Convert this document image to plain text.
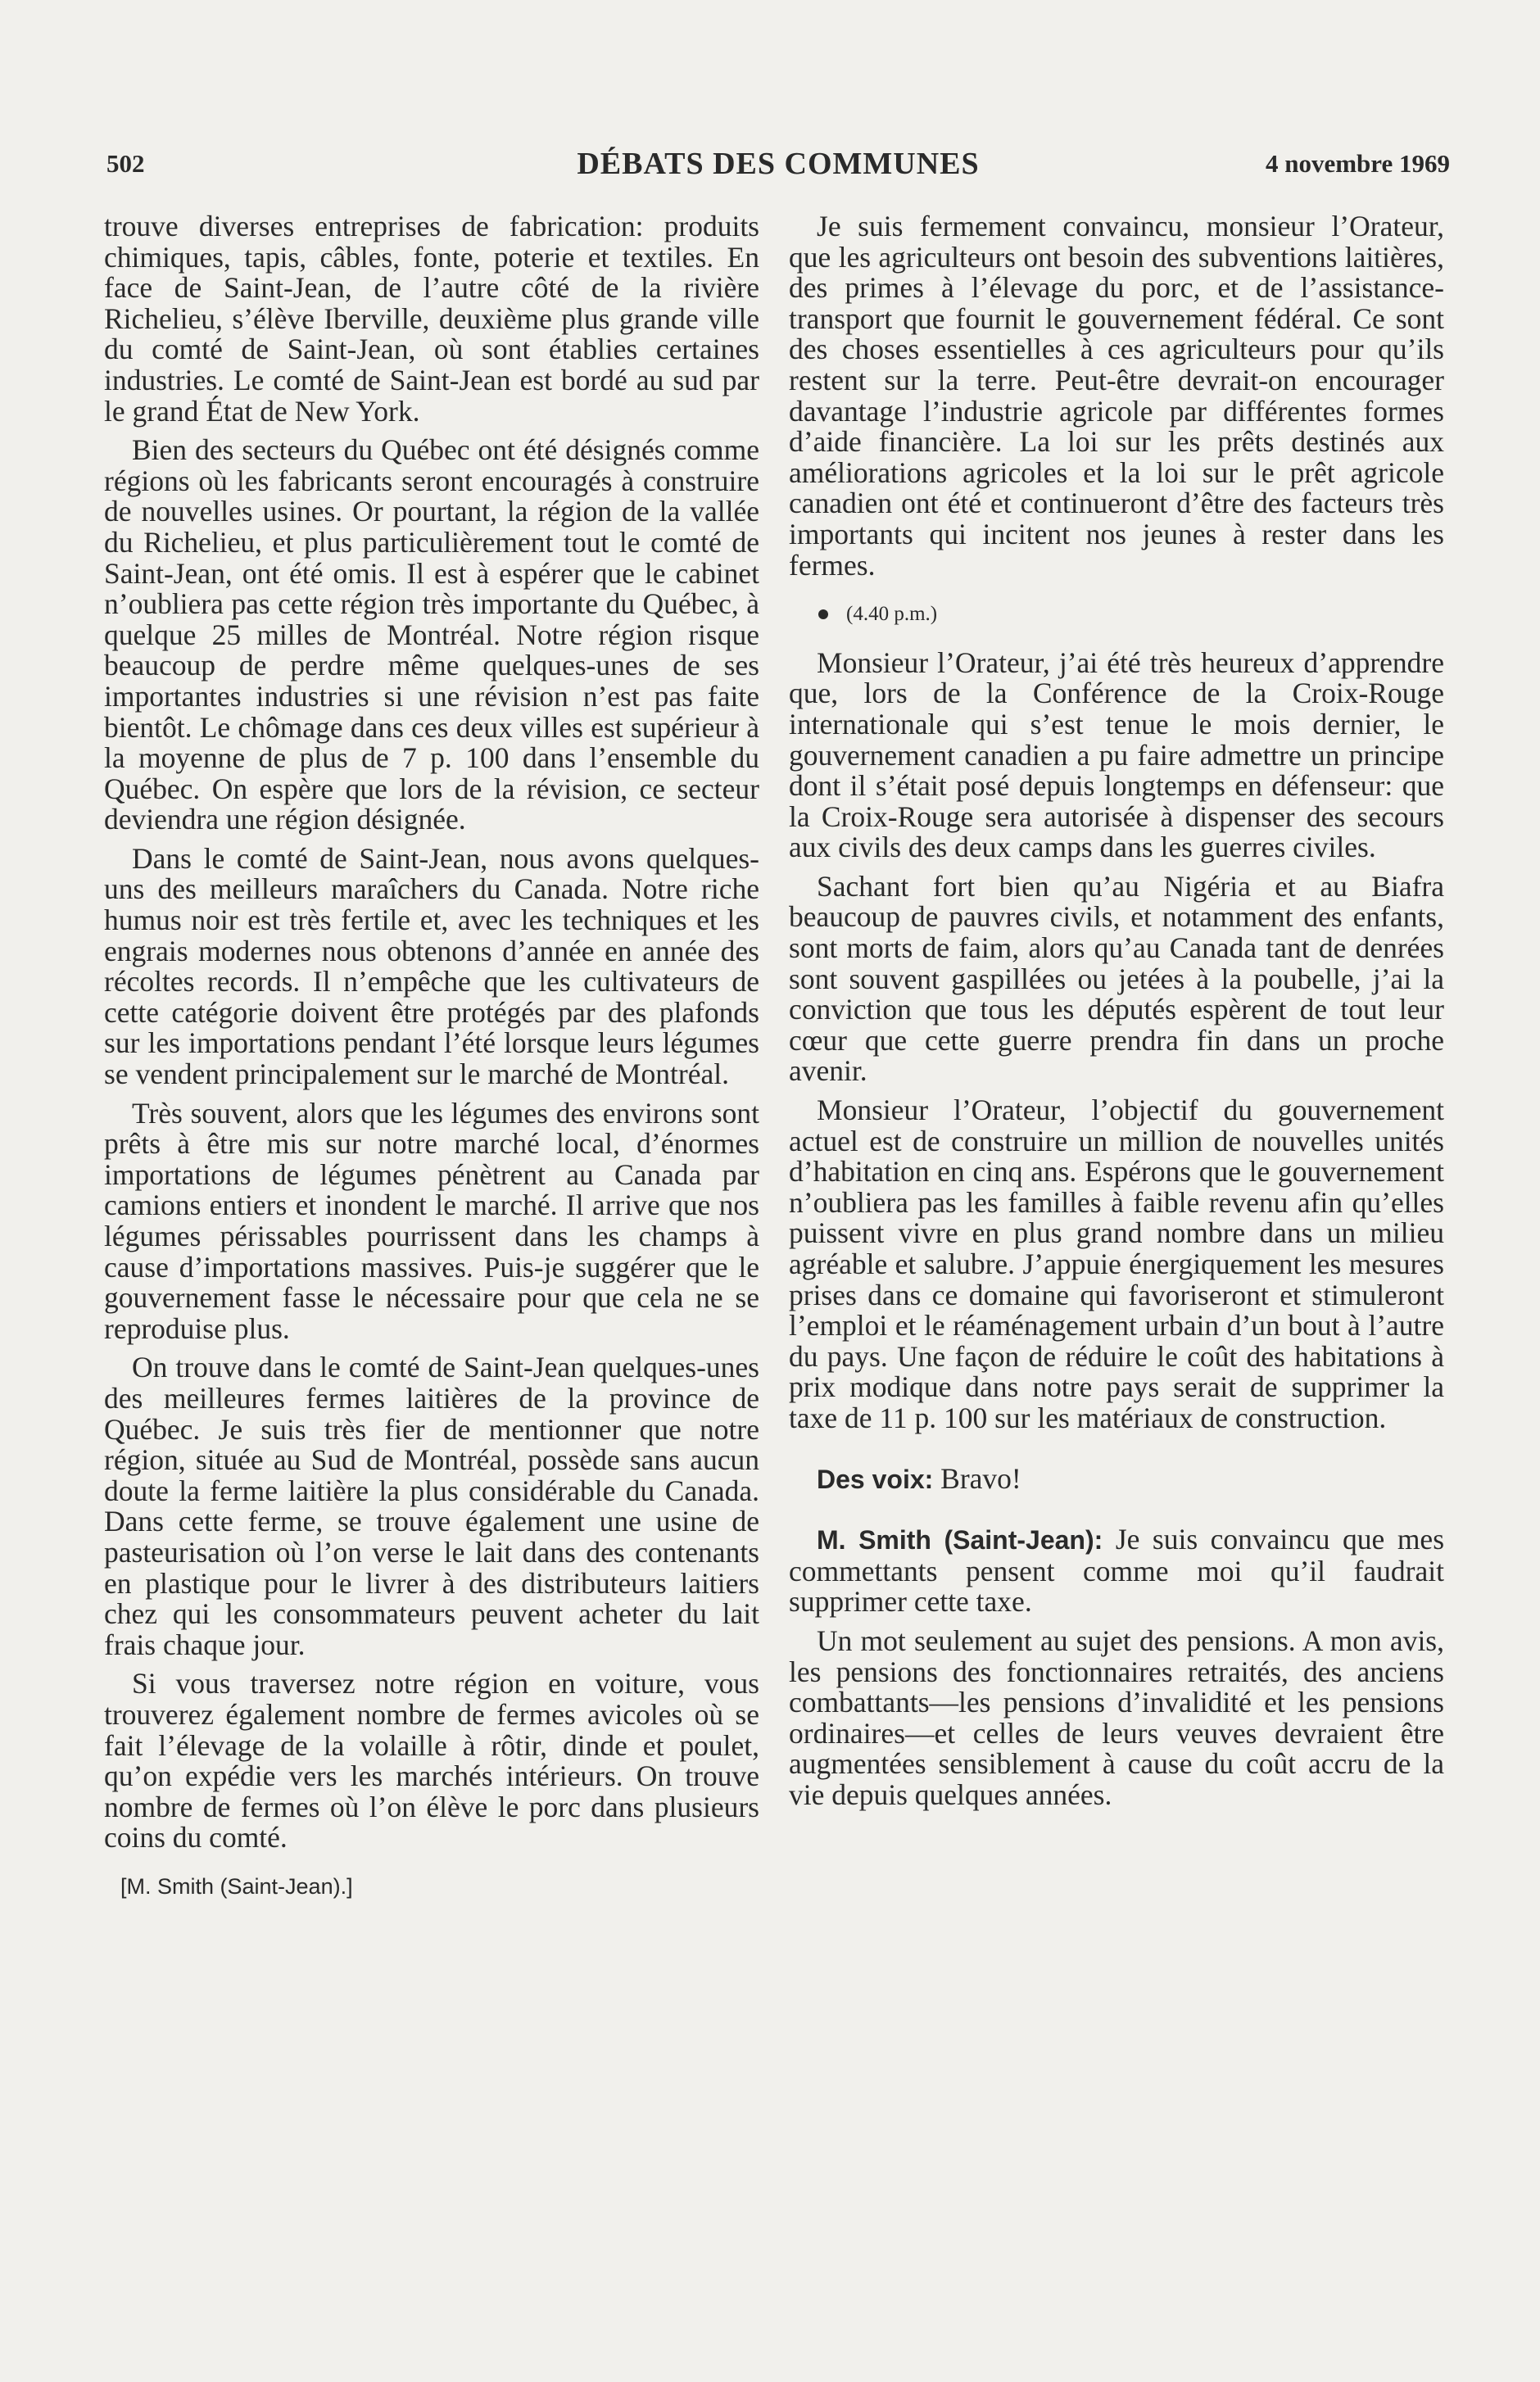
502	DÉBATS DES COMMUNES	4 novembre 1969

trouve diverses entreprises de fabrication: produits chimiques, tapis, câbles, fonte, poterie et textiles. En face de Saint-Jean, de l’autre côté de la rivière Richelieu, s’élève Iberville, deuxième plus grande ville du comté de Saint-Jean, où sont établies certaines industries. Le comté de Saint-Jean est bordé au sud par le grand État de New York.

Bien des secteurs du Québec ont été désignés comme régions où les fabricants seront encouragés à construire de nouvelles usines. Or pourtant, la région de la vallée du Richelieu, et plus particulièrement tout le comté de Saint-Jean, ont été omis. Il est à espérer que le cabinet n’oubliera pas cette région très importante du Québec, à quelque 25 milles de Montréal. Notre région risque beaucoup de perdre même quelques-unes de ses importantes industries si une révision n’est pas faite bientôt. Le chômage dans ces deux villes est supérieur à la moyenne de plus de 7 p. 100 dans l’ensemble du Québec. On espère que lors de la révision, ce secteur deviendra une région désignée.

Dans le comté de Saint-Jean, nous avons quelques-uns des meilleurs maraîchers du Canada. Notre riche humus noir est très fertile et, avec les techniques et les engrais modernes nous obtenons d’année en année des récoltes records. Il n’empêche que les cultivateurs de cette catégorie doivent être protégés par des plafonds sur les importations pendant l’été lorsque leurs légumes se vendent principalement sur le marché de Montréal.

Très souvent, alors que les légumes des environs sont prêts à être mis sur notre marché local, d’énormes importations de légumes pénètrent au Canada par camions entiers et inondent le marché. Il arrive que nos légumes périssables pourrissent dans les champs à cause d’importations massives. Puis-je suggérer que le gouvernement fasse le nécessaire pour que cela ne se reproduise plus.

On trouve dans le comté de Saint-Jean quelques-unes des meilleures fermes laitières de la province de Québec. Je suis très fier de mentionner que notre région, située au Sud de Montréal, possède sans aucun doute la ferme laitière la plus considérable du Canada. Dans cette ferme, se trouve également une usine de pasteurisation où l’on verse le lait dans des contenants en plastique pour le livrer à des distributeurs laitiers chez qui les consommateurs peuvent acheter du lait frais chaque jour.

Si vous traversez notre région en voiture, vous trouverez également nombre de fermes avicoles où se fait l’élevage de la volaille à rôtir, dinde et poulet, qu’on expédie vers les marchés intérieurs. On trouve nombre de fermes où l’on élève le porc dans plusieurs coins du comté.

[M. Smith (Saint-Jean).]

Je suis fermement convaincu, monsieur l’Orateur, que les agriculteurs ont besoin des subventions laitières, des primes à l’élevage du porc, et de l’assistance-transport que fournit le gouvernement fédéral. Ce sont des choses essentielles à ces agriculteurs pour qu’ils restent sur la terre. Peut-être devrait-on encourager davantage l’industrie agricole par différentes formes d’aide financière. La loi sur les prêts destinés aux améliorations agricoles et la loi sur le prêt agricole canadien ont été et continueront d’être des facteurs très importants qui incitent nos jeunes à rester dans les fermes.

(4.40 p.m.)

Monsieur l’Orateur, j’ai été très heureux d’apprendre que, lors de la Conférence de la Croix-Rouge internationale qui s’est tenue le mois dernier, le gouvernement canadien a pu faire admettre un principe dont il s’était posé depuis longtemps en défenseur: que la Croix-Rouge sera autorisée à dispenser des secours aux civils des deux camps dans les guerres civiles.

Sachant fort bien qu’au Nigéria et au Biafra beaucoup de pauvres civils, et notamment des enfants, sont morts de faim, alors qu’au Canada tant de denrées sont souvent gaspillées ou jetées à la poubelle, j’ai la conviction que tous les députés espèrent de tout leur cœur que cette guerre prendra fin dans un proche avenir.

Monsieur l’Orateur, l’objectif du gouvernement actuel est de construire un million de nouvelles unités d’habitation en cinq ans. Espérons que le gouvernement n’oubliera pas les familles à faible revenu afin qu’elles puissent vivre en plus grand nombre dans un milieu agréable et salubre. J’appuie énergiquement les mesures prises dans ce domaine qui favoriseront et stimuleront l’emploi et le réaménagement urbain d’un bout à l’autre du pays. Une façon de réduire le coût des habitations à prix modique dans notre pays serait de supprimer la taxe de 11 p. 100 sur les matériaux de construction.

Des voix: Bravo!

M. Smith (Saint-Jean): Je suis convaincu que mes commettants pensent comme moi qu’il faudrait supprimer cette taxe.

Un mot seulement au sujet des pensions. A mon avis, les pensions des fonctionnaires retraités, des anciens combattants—les pensions d’invalidité et les pensions ordinaires—et celles de leurs veuves devraient être augmentées sensiblement à cause du coût accru de la vie depuis quelques années.
